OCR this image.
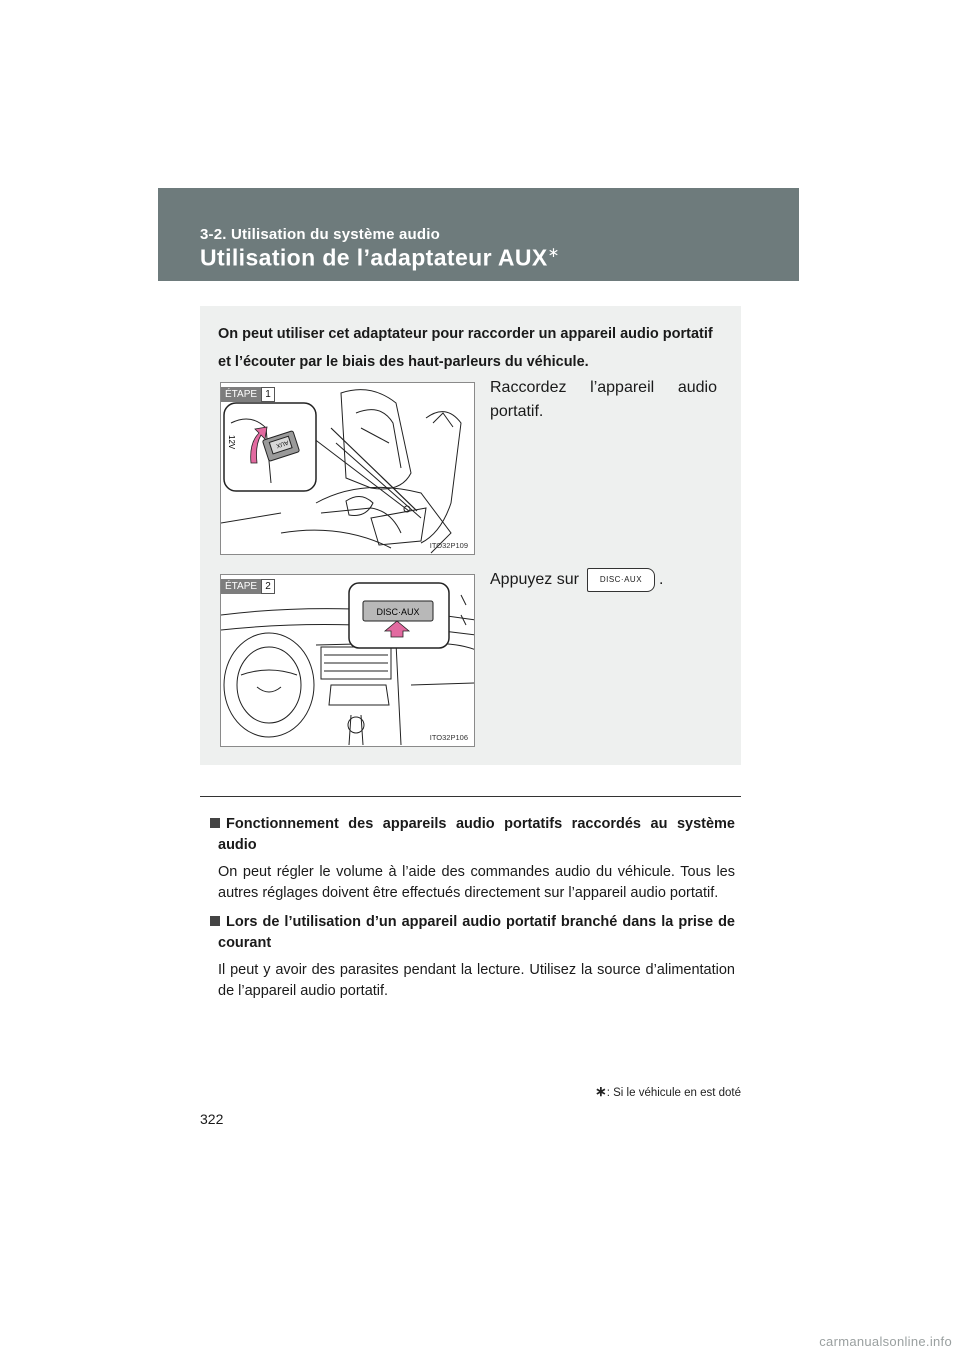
3-2. Utilisation du système audio
Utilisation de l’adaptateur AUX∗
On peut utiliser cet adaptateur pour raccorder un appareil audio portatif et l’écouter par le biais des haut-parleurs du véhicule.
12V	AUX
ÉTAPE 1
ITO32P109
Raccordez l’appareil audio portatif.
DISC·AUX
ÉTAPE 2
ITO32P106
Appuyez sur	DISC·AUX	.
Fonctionnement des appareils audio portatifs raccordés au système audio
On peut régler le volume à l’aide des commandes audio du véhicule. Tous les autres réglages doivent être effectués directement sur l’appareil audio portatif.
Lors de l’utilisation d’un appareil audio portatif branché dans la prise de courant
Il peut y avoir des parasites pendant la lecture. Utilisez la source d’alimentation de l’appareil audio portatif.
∗: Si le véhicule en est doté
322
carmanualsonline.info
